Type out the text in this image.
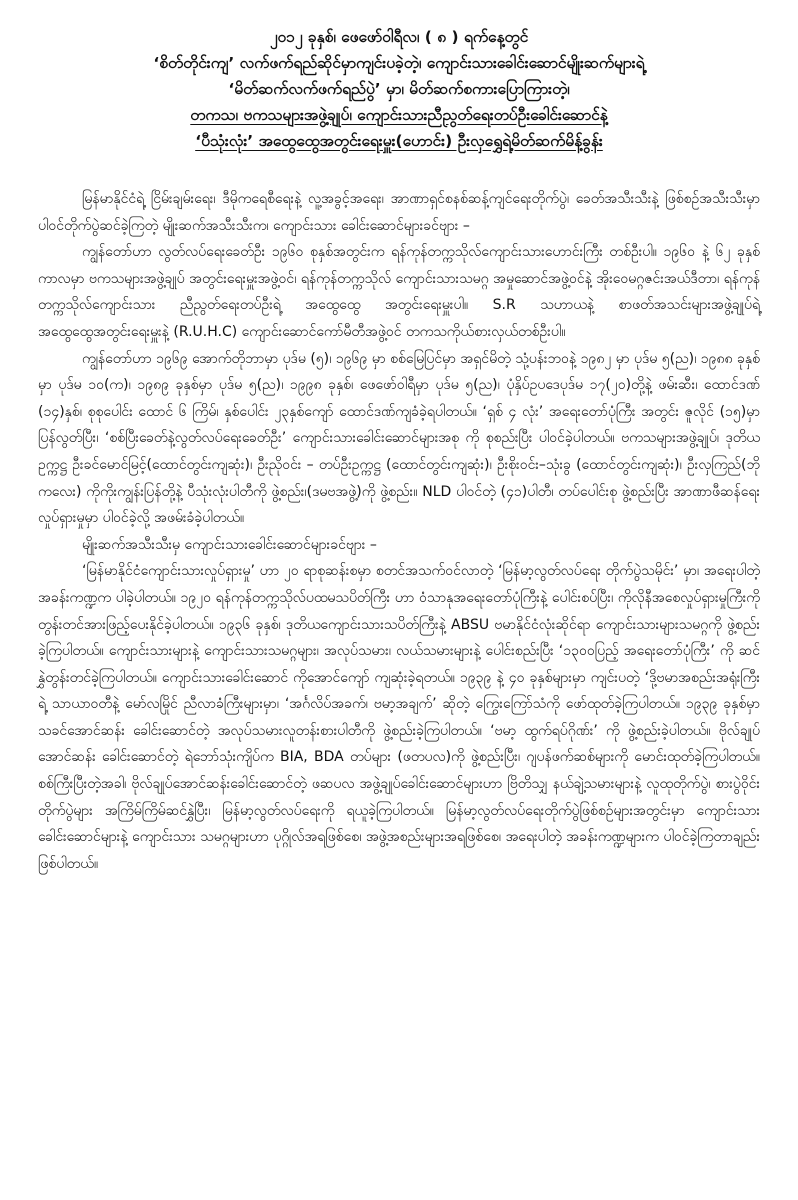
၂၀၁၂ ခုနှစ်၊ ဖေဖော်ဝါရီလ၊ ( ၈ ) ရက်နေ့တွင်
‘စိတ်တိုင်းကျ’ လက်ဖက်ရည်ဆိုင်မှာကျင်းပခဲ့တဲ့၊ ကျောင်းသားခေါင်းဆောင်မျိုးဆက်များရဲ့
‘မိတ်ဆက်လက်ဖက်ရည်ပွဲ’ မှာ၊ မိတ်ဆက်စကားပြောကြားတဲ့၊
တကသ၊ ဗကသများအဖွဲ့ချုပ်၊ ကျောင်းသားညီညွတ်ရေးတပ်ဦးခေါင်းဆောင်နဲ့
‘ပီသုံးလုံး’ အထွေထွေအတွင်းရေးမှူး(ဟောင်း) ဦးလှရွှေရဲ့မိတ်ဆက်မိန့်ခွန်း

မြန်မာနိုင်ငံရဲ့ ငြိမ်းချမ်းရေး၊ ဒီမိုကရေစီရေးနဲ့ လူ့အခွင့်အရေး၊ အာဏာရှင်စနစ်ဆန့်ကျင်ရေးတိုက်ပွဲ၊ ခေတ်အသီးသီးနဲ့ ဖြစ်စဉ်အသီးသီးမှာ ပါဝင်တိုက်ပွဲဆင်ခဲ့ကြတဲ့ မျိုးဆက်အသီးသီးက၊ ကျောင်းသား ခေါင်းဆောင်များခင်ဗျား –

ကျွန်တော်ဟာ လွတ်လပ်ရေးခေတ်ဦး ၁၉၆၀ စုနှစ်အတွင်းက ရန်ကုန်တက္ကသိုလ်ကျောင်းသားဟောင်းကြီး တစ်ဦးပါ။ ၁၉၆၀ နဲ့ ၆၂ ခုနှစ်ကာလမှာ ဗကသများအဖွဲ့ချုပ် အတွင်းရေးမှူးအဖွဲ့ဝင်၊ ရန်ကုန်တက္ကသိုလ် ကျောင်းသားသမဂ္ဂ အမှုဆောင်အဖွဲ့ဝင်နဲ့ အိုးဝေမဂ္ဂဇင်းအယ်ဒီတာ၊ ရန်ကုန်တက္ကသိုလ်ကျောင်းသား ညီညွတ်ရေးတပ်ဦးရဲ့ အထွေထွေ အတွင်းရေးမှူးပါ။ S.R သဟာယနဲ့ စာဖတ်အသင်းများအဖွဲ့ချုပ်ရဲ့ အထွေထွေအတွင်းရေးမှူးနဲ့ (R.U.H.C) ကျောင်းဆောင်ကော်မီတီအဖွဲ့ဝင် တကသကိုယ်စားလှယ်တစ်ဦးပါ။

ကျွန်တော်ဟာ ၁၉၆၉ အောက်တိုဘာမှာ ပုဒ်မ (၅)၊ ၁၉၆၉ မှာ စစ်မြေပြင်မှာ အရှင်မိတဲ့ သုံ့ပန်းဘဝနဲ့ ၁၉၈၂ မှာ ပုဒ်မ ၅(ည)၊ ၁၉၈၈ ခုနှစ်မှာ ပုဒ်မ ၁၀(က)၊ ၁၉၈၉ ခုနှစ်မှာ ပုဒ်မ ၅(ည)၊ ၁၉၉၈ ခုနှစ်၊ ဖေဖော်ဝါရီမှာ ပုဒ်မ ၅(ည)၊ ပုံနှိပ်ဥပဒေပုဒ်မ ၁၇(၂၀)တို့နဲ့ ဖမ်းဆီး၊ ထောင်ဒဏ် (၁၄)နှစ်၊ စုစုပေါင်း ထောင် ၆ ကြိမ်၊ နှစ်ပေါင်း ၂၃နှစ်ကျော် ထောင်ဒဏ်ကျခံခဲ့ရပါတယ်။ ‘ရှစ် ၄ လုံး’ အရေးတော်ပုံကြီး အတွင်း ဇူလိုင် (၁၅)မှာ ပြန်လွတ်ပြီး၊ ‘စစ်ပြီးခေတ်နဲ့လွတ်လပ်ရေးခေတ်ဦး’ ကျောင်းသားခေါင်းဆောင်များအစု ကို စုစည်းပြီး ပါဝင်ခဲ့ပါတယ်။ ဗကသများအဖွဲ့ချုပ်၊ ဒုတိယဥက္ကဋ္ဌ ဦးခင်မောင်မြင့်(ထောင်တွင်းကျဆုံး)၊ ဦးညိုဝင်း – တပ်ဦးဥက္ကဋ္ဌ (ထောင်တွင်းကျဆုံး)၊ ဦးစိုးဝင်း–သုံးခွ (ထောင်တွင်းကျဆုံး)၊ ဦးလှကြည်(ဘိုကလေး) ကိုကိုးကျွန်းပြန်တို့နဲ့ ပီသုံးလုံးပါတီကို ဖွဲ့စည်း၊(ဒမဗအဖွဲ့)ကို ဖွဲ့စည်း။ NLD ပါဝင်တဲ့ (၄၁)ပါတီ၊ တပ်ပေါင်းစု ဖွဲ့စည်းပြီး အာဏာဖီဆန်ရေးလှုပ်ရှားမှုမှာ ပါဝင်ခဲ့လို့ အဖမ်းခံခဲ့ပါတယ်။

မျိုးဆက်အသီးသီးမှ ကျောင်းသားခေါင်းဆောင်များခင်ဗျား –

‘မြန်မာနိုင်ငံကျောင်းသားလှုပ်ရှားမှု’ ဟာ ၂၀ ရာစုဆန်းစမှာ စတင်အသက်ဝင်လာတဲ့ ‘မြန်မာ့လွတ်လပ်ရေး တိုက်ပွဲသမိုင်း’ မှာ၊ အရေးပါတဲ့ အခန်းကဏ္ဍက ပါခဲ့ပါတယ်။ ၁၉၂၀ ရန်ကုန်တက္ကသိုလ်ပထမသပိတ်ကြီး ဟာ ဝံသာနုအရေးတော်ပုံကြီးနဲ့ ပေါင်းစပ်ပြီး၊ ကိုလိုနီအစေလှုပ်ရှားမှုကြီးကို တွန်းတင်အားဖြည့်ပေးနိုင်ခဲ့ပါတယ်။ ၁၉၃၆ ခုနှစ်၊ ဒုတိယကျောင်းသားသပိတ်ကြီးနဲ့ ABSU ဗမာနိုင်ငံလုံးဆိုင်ရာ ကျောင်းသားများသမဂ္ဂကို ဖွဲ့စည်းခဲ့ကြပါတယ်။ ကျောင်းသားများနဲ့ ကျောင်းသားသမဂ္ဂများ၊ အလုပ်သမား၊ လယ်သမားများနဲ့ ပေါင်းစည်းပြီး ‘၁၃၀၀ပြည့် အရေးတော်ပုံကြီး’ ကို ဆင်နွှဲတွန်းတင်ခဲ့ကြပါတယ်။ ကျောင်းသားခေါင်းဆောင် ကိုအောင်ကျော် ကျဆုံးခဲ့ရတယ်။ ၁၉၃၉ နဲ့ ၄၀ ခုနှစ်များမှာ ကျင်းပတဲ့ ‘ဒို့ဗမာအစည်းအရုံးကြီးရဲ့ သာယာဝတီနဲ့ မော်လမြိုင် ညီလာခံကြီးများမှာ၊ ‘အင်္ဂလိပ်အခက်၊ ဗမာ့အချက်’ ဆိုတဲ့ ကြွေးကြော်သံကို ဖော်ထုတ်ခဲ့ကြပါတယ်။ ၁၉၃၉ ခုနှစ်မှာ သခင်အောင်ဆန်း ခေါင်းဆောင်တဲ့ အလုပ်သမားလူတန်းစားပါတီကို ဖွဲ့စည်းခဲ့ကြပါတယ်။ ‘ဗမာ့ ထွက်ရပ်ဂိုဏ်း’ ကို ဖွဲ့စည်းခဲ့ပါတယ်။ ဗိုလ်ချုပ်အောင်ဆန်း ခေါင်းဆောင်တဲ့ ရဲဘော်သုံးကျိပ်က BIA, BDA တပ်များ (ဖတပလ)ကို ဖွဲ့စည်းပြီး၊ ဂျပန်ဖက်ဆစ်များကို မောင်းထုတ်ခဲ့ကြပါတယ်။ စစ်ကြီးပြီးတဲ့အခါ၊ ဗိုလ်ချုပ်အောင်ဆန်းခေါင်းဆောင်တဲ့ ဖဆပလ အဖွဲ့ချုပ်ခေါင်းဆောင်များဟာ ဗြိတိသျှ နယ်ချဲ့သမားများနဲ့ လူထုတိုက်ပွဲ၊ စားပွဲဝိုင်းတိုက်ပွဲများ အကြိမ်ကြိမ်ဆင်နွှဲပြီး၊ မြန်မာ့လွတ်လပ်ရေးကို ရယူခဲ့ကြပါတယ်။ မြန်မာ့လွတ်လပ်ရေးတိုက်ပွဲဖြစ်စဉ်များအတွင်းမှာ ကျောင်းသားခေါင်းဆောင်များနဲ့ ကျောင်းသား သမဂ္ဂများဟာ ပုဂ္ဂိုလ်အရဖြစ်စေ၊ အဖွဲ့အစည်းများအရဖြစ်စေ၊ အရေးပါတဲ့ အခန်းကဏ္ဍများက ပါဝင်ခဲ့ကြတာချည်း ဖြစ်ပါတယ်။
